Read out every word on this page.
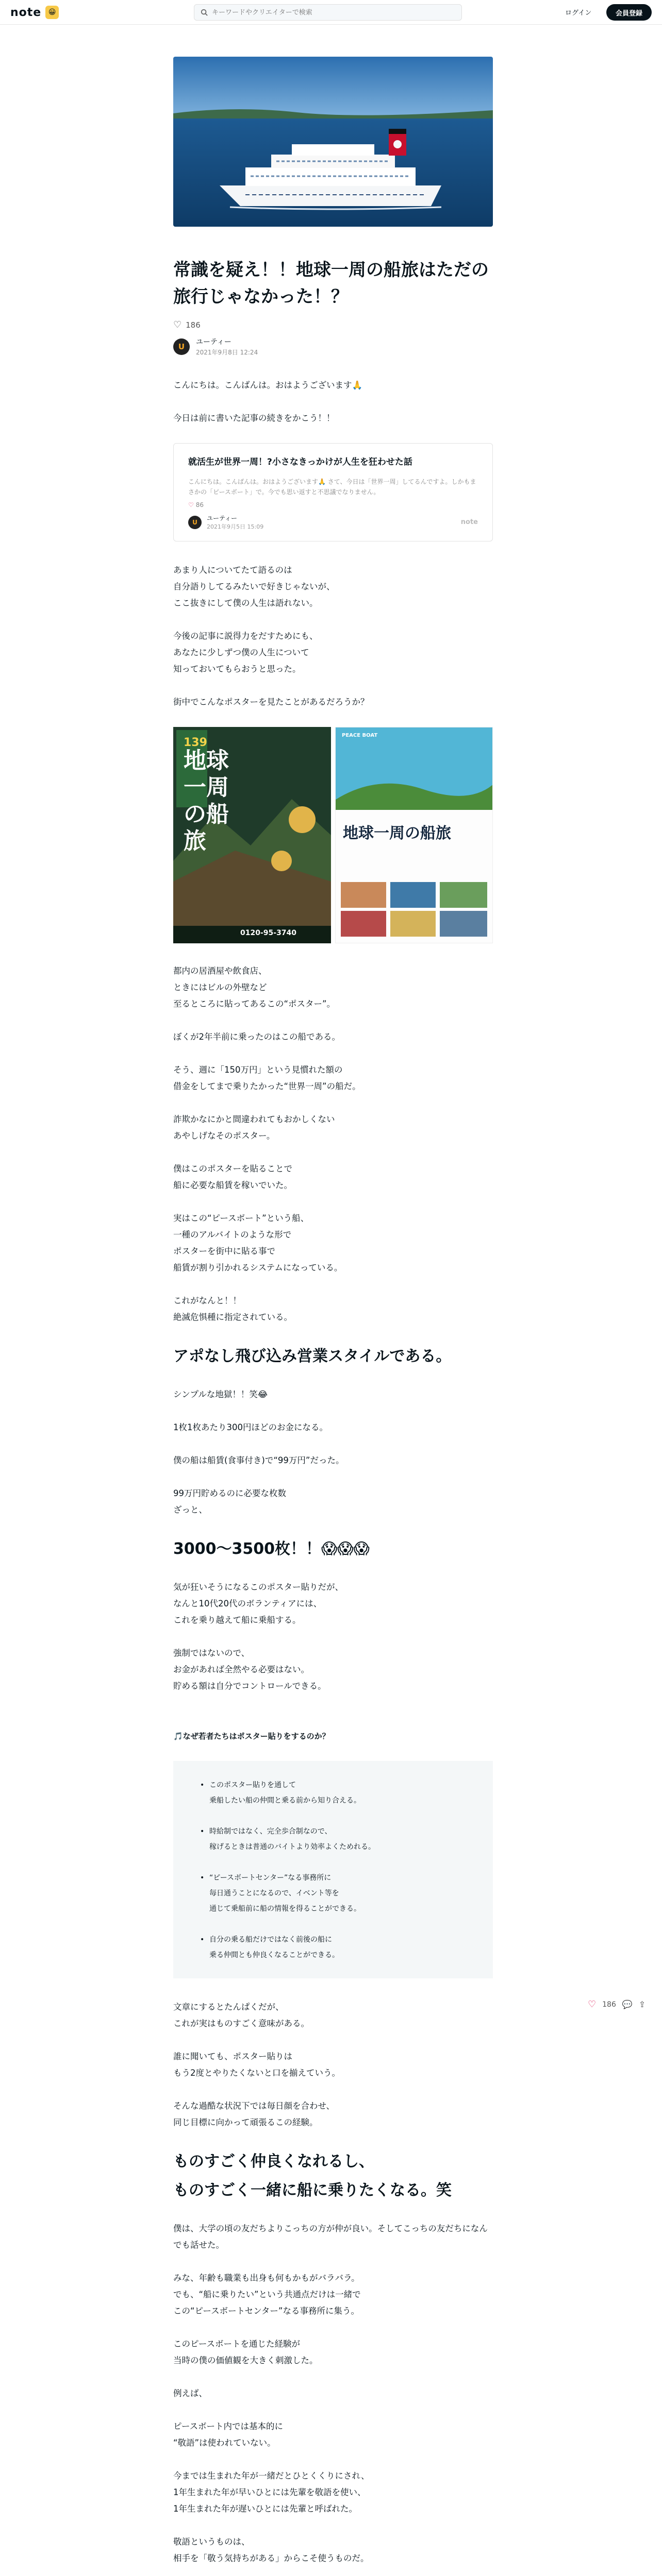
note 😀
キーワードやクリエイターで検索	ログイン	会員登録
常識を疑え！！地球一周の船旅はただの旅行じゃなかった！？
♡ 186
U	ユーティー
2021年9月8日 12:24

こんにちは。こんばんは。おはようございます🙏

今日は前に書いた記事の続きをかこう！！

就活生が世界一周！?小さなきっかけが人生を狂わせた話
こんにちは。こんばんは。おはようございます🙏 さて、今日は「世界一周」してるんですよ。しかもまさかの「ピースボート」で。今でも思い返すと不思議でなりません。
♡ 86
U
ユーティー
2021年9月5日 15:09
note

あまり人についてたて語るのは
自分語りしてるみたいで好きじゃないが、
ここ抜きにして僕の人生は語れない。

今後の記事に説得力をだすためにも、
あなたに少しずつ僕の人生について
知っておいてもらおうと思った。

街中でこんなポスターを見たことがあるだろうか？

地球一周の船旅
139
0120-95-3740
PEACE BOAT
地球一周の船旅

都内の居酒屋や飲食店、
ときにはビルの外壁など
至るところに貼ってあるこの“ポスター”。

ぼくが2年半前に乗ったのはこの船である。

そう、週に「150万円」という見慣れた額の
借金をしてまで乗りたかった“世界一周”の船だ。

詐欺かなにかと間違われてもおかしくない
あやしげなそのポスター。

僕はこのポスターを貼ることで
船に必要な船賃を稼いでいた。

実はこの“ピースボート”という船、
一種のアルバイトのような形で
ポスターを街中に貼る事で
船賃が割り引かれるシステムになっている。

これがなんと！！
絶滅危惧種に指定されている。

アポなし飛び込み営業スタイルである。

シンプルな地獄！！笑😂

1枚1枚あたり300円ほどのお金になる。

僕の船は船賃(食事付き)で“99万円”だった。

99万円貯めるのに必要な枚数
ざっと、

3000〜3500枚！！😱😱😱

気が狂いそうになるこのポスター貼りだが、
なんと10代20代のボランティアには、
これを乗り越えて船に乗船する。

強制ではないので、
お金があれば全然やる必要はない。
貯める額は自分でコントロールできる。

🎵なぜ若者たちはポスター貼りをするのか？
• このポスター貼りを通して
乗船したい船の仲間と乗る前から知り合える。
• 時給制ではなく、完全歩合制なので、
稼げるときは普通のバイトより効率よくためれる。
• “ピースボートセンター”なる事務所に
毎日通うことになるので、イベント等を
通じて乗船前に船の情報を得ることができる。
• 自分の乗る船だけではなく前後の船に
乗る仲間とも仲良くなることができる。

文章にするとたんぱくだが、
これが実はものすごく意味がある。

誰に聞いても、ポスター貼りは
もう2度とやりたくないと口を揃えていう。

そんな過酷な状況下では毎日顔を合わせ、
同じ目標に向かって頑張るこの経験。

ものすごく仲良くなれるし、
ものすごく一緒に船に乗りたくなる。笑

僕は、大学の頃の友だちよりこっちの方が仲が良い。そしてこっちの友だちになんでも話せた。

みな、年齢も職業も出身も何もかもがバラバラ。
でも、“船に乗りたい”という共通点だけは一緒で
この“ピースボートセンター”なる事務所に集う。

このピースボートを通じた経験が
当時の僕の価値観を大きく刺激した。

例えば、

ピースボート内では基本的に
“敬語”は使われていない。

今までは生まれた年が一緒だとひとくくりにされ、
1年生まれた年が早いひとには先輩を敬語を使い、
1年生まれた年が遅いひとには先輩と呼ばれた。

敬語というものは、
相手を「敬う気持ちがある」からこそ使うものだ。

♡ 186 💬 ⇪
